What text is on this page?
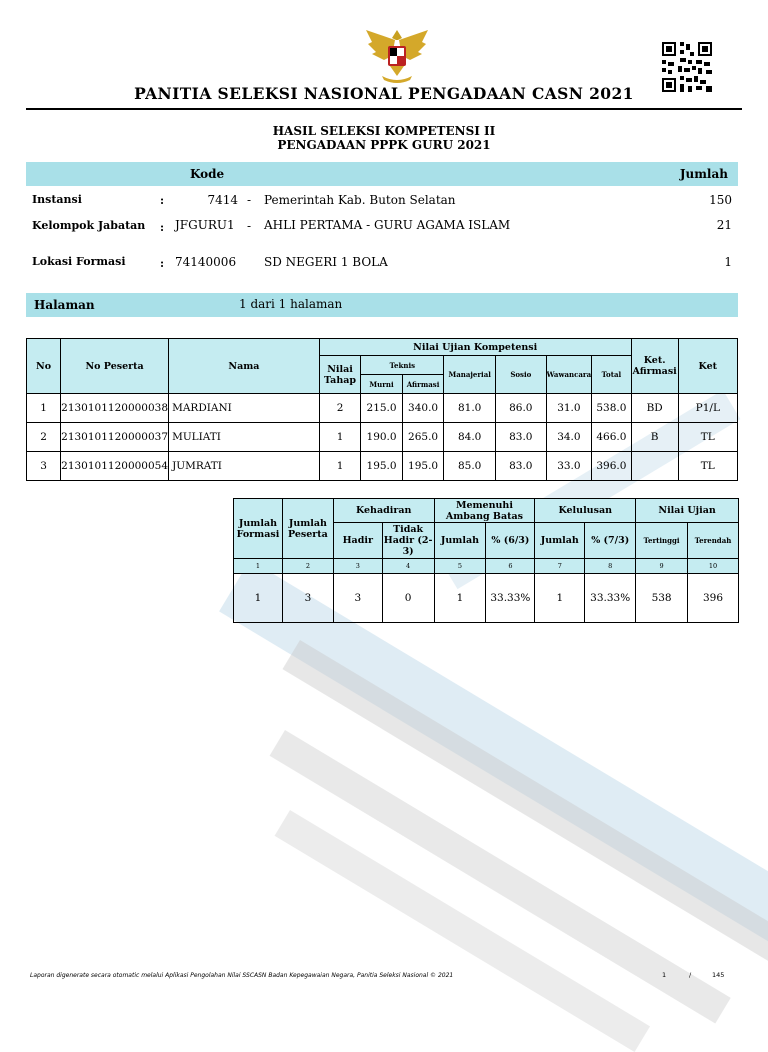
PANITIA SELEKSI NASIONAL PENGADAAN CASN 2021
HASIL SELEKSI KOMPETENSI II
PENGADAAN PPPK GURU 2021
Kode	Jumlah
Instansi	:	7414 - Pemerintah Kab. Buton Selatan	150
Kelompok Jabatan : JFGURU1 - AHLI PERTAMA - GURU AGAMA ISLAM	21
Lokasi Formasi	: 74140006 SD NEGERI 1 BOLA	1
Halaman	1 dari 1 halaman
No	No Peserta	Nama	Nilai Ujian Kompetensi							Ket. Afirmasi	Ket
			Nilai Tahap	Teknis		Manajerial	Sosio	Wawancara	Total		
				Murni	Afirmasi						
1	2130101120000038	MARDIANI	2	215.0	340.0	81.0	86.0	31.0	538.0	BD	P1/L
2	2130101120000037	MULIATI	1	190.0	265.0	84.0	83.0	34.0	466.0	B	TL
3	2130101120000054	JUMRATI	1	195.0	195.0	85.0	83.0	33.0	396.0		TL
Jumlah Formasi	Jumlah Peserta	Kehadiran		Memenuhi Ambang Batas		Kelulusan		Nilai Ujian	
		Hadir	Tidak Hadir (2-3)	Jumlah	% (6/3)	Jumlah	% (7/3)	Tertinggi	Terendah
1	2	3	4	5	6	7	8	9	10
1	3	3	0	1	33.33%	1	33.33%	538	396
Laporan digenerate secara otomatic melalui Aplikasi Pengolahan Nilai SSCASN Badan Kepegawaian Negara, Panitia Seleksi Nasional © 2021	1	/	145
